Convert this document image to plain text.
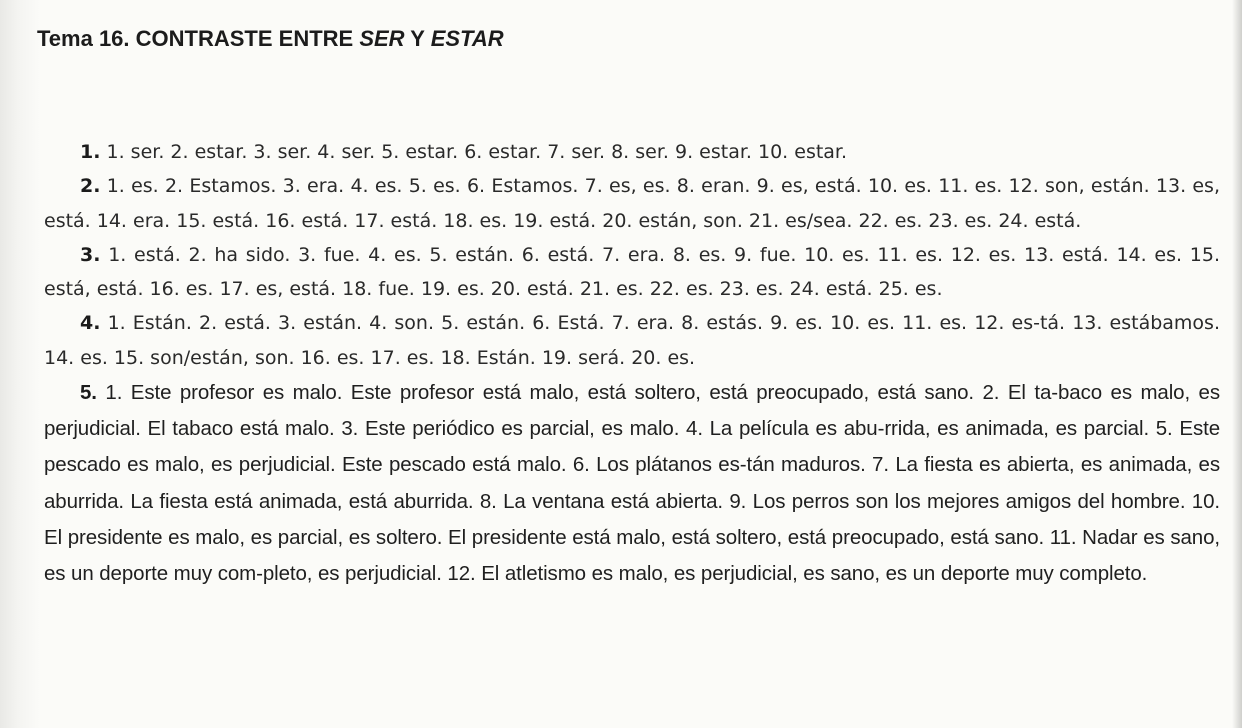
Tema 16. CONTRASTE ENTRE SER Y ESTAR

1. 1. ser. 2. estar. 3. ser. 4. ser. 5. estar. 6. estar. 7. ser. 8. ser. 9. estar. 10. estar.

2. 1. es. 2. Estamos. 3. era. 4. es. 5. es. 6. Estamos. 7. es, es. 8. eran. 9. es, está. 10. es. 11. es. 12. son, están. 13. es, está. 14. era. 15. está. 16. está. 17. está. 18. es. 19. está. 20. están, son. 21. es/sea. 22. es. 23. es. 24. está.

3. 1. está. 2. ha sido. 3. fue. 4. es. 5. están. 6. está. 7. era. 8. es. 9. fue. 10. es. 11. es. 12. es. 13. está. 14. es. 15. está, está. 16. es. 17. es, está. 18. fue. 19. es. 20. está. 21. es. 22. es. 23. es. 24. está. 25. es.

4. 1. Están. 2. está. 3. están. 4. son. 5. están. 6. Está. 7. era. 8. estás. 9. es. 10. es. 11. es. 12. es-tá. 13. estábamos. 14. es. 15. son/están, son. 16. es. 17. es. 18. Están. 19. será. 20. es.

5. 1. Este profesor es malo. Este profesor está malo, está soltero, está preocupado, está sano. 2. El ta-baco es malo, es perjudicial. El tabaco está malo. 3. Este periódico es parcial, es malo. 4. La película es abu-rrida, es animada, es parcial. 5. Este pescado es malo, es perjudicial. Este pescado está malo. 6. Los plátanos es-tán maduros. 7. La fiesta es abierta, es animada, es aburrida. La fiesta está animada, está aburrida. 8. La ventana está abierta. 9. Los perros son los mejores amigos del hombre. 10. El presidente es malo, es parcial, es soltero. El presidente está malo, está soltero, está preocupado, está sano. 11. Nadar es sano, es un deporte muy com-pleto, es perjudicial. 12. El atletismo es malo, es perjudicial, es sano, es un deporte muy completo.
